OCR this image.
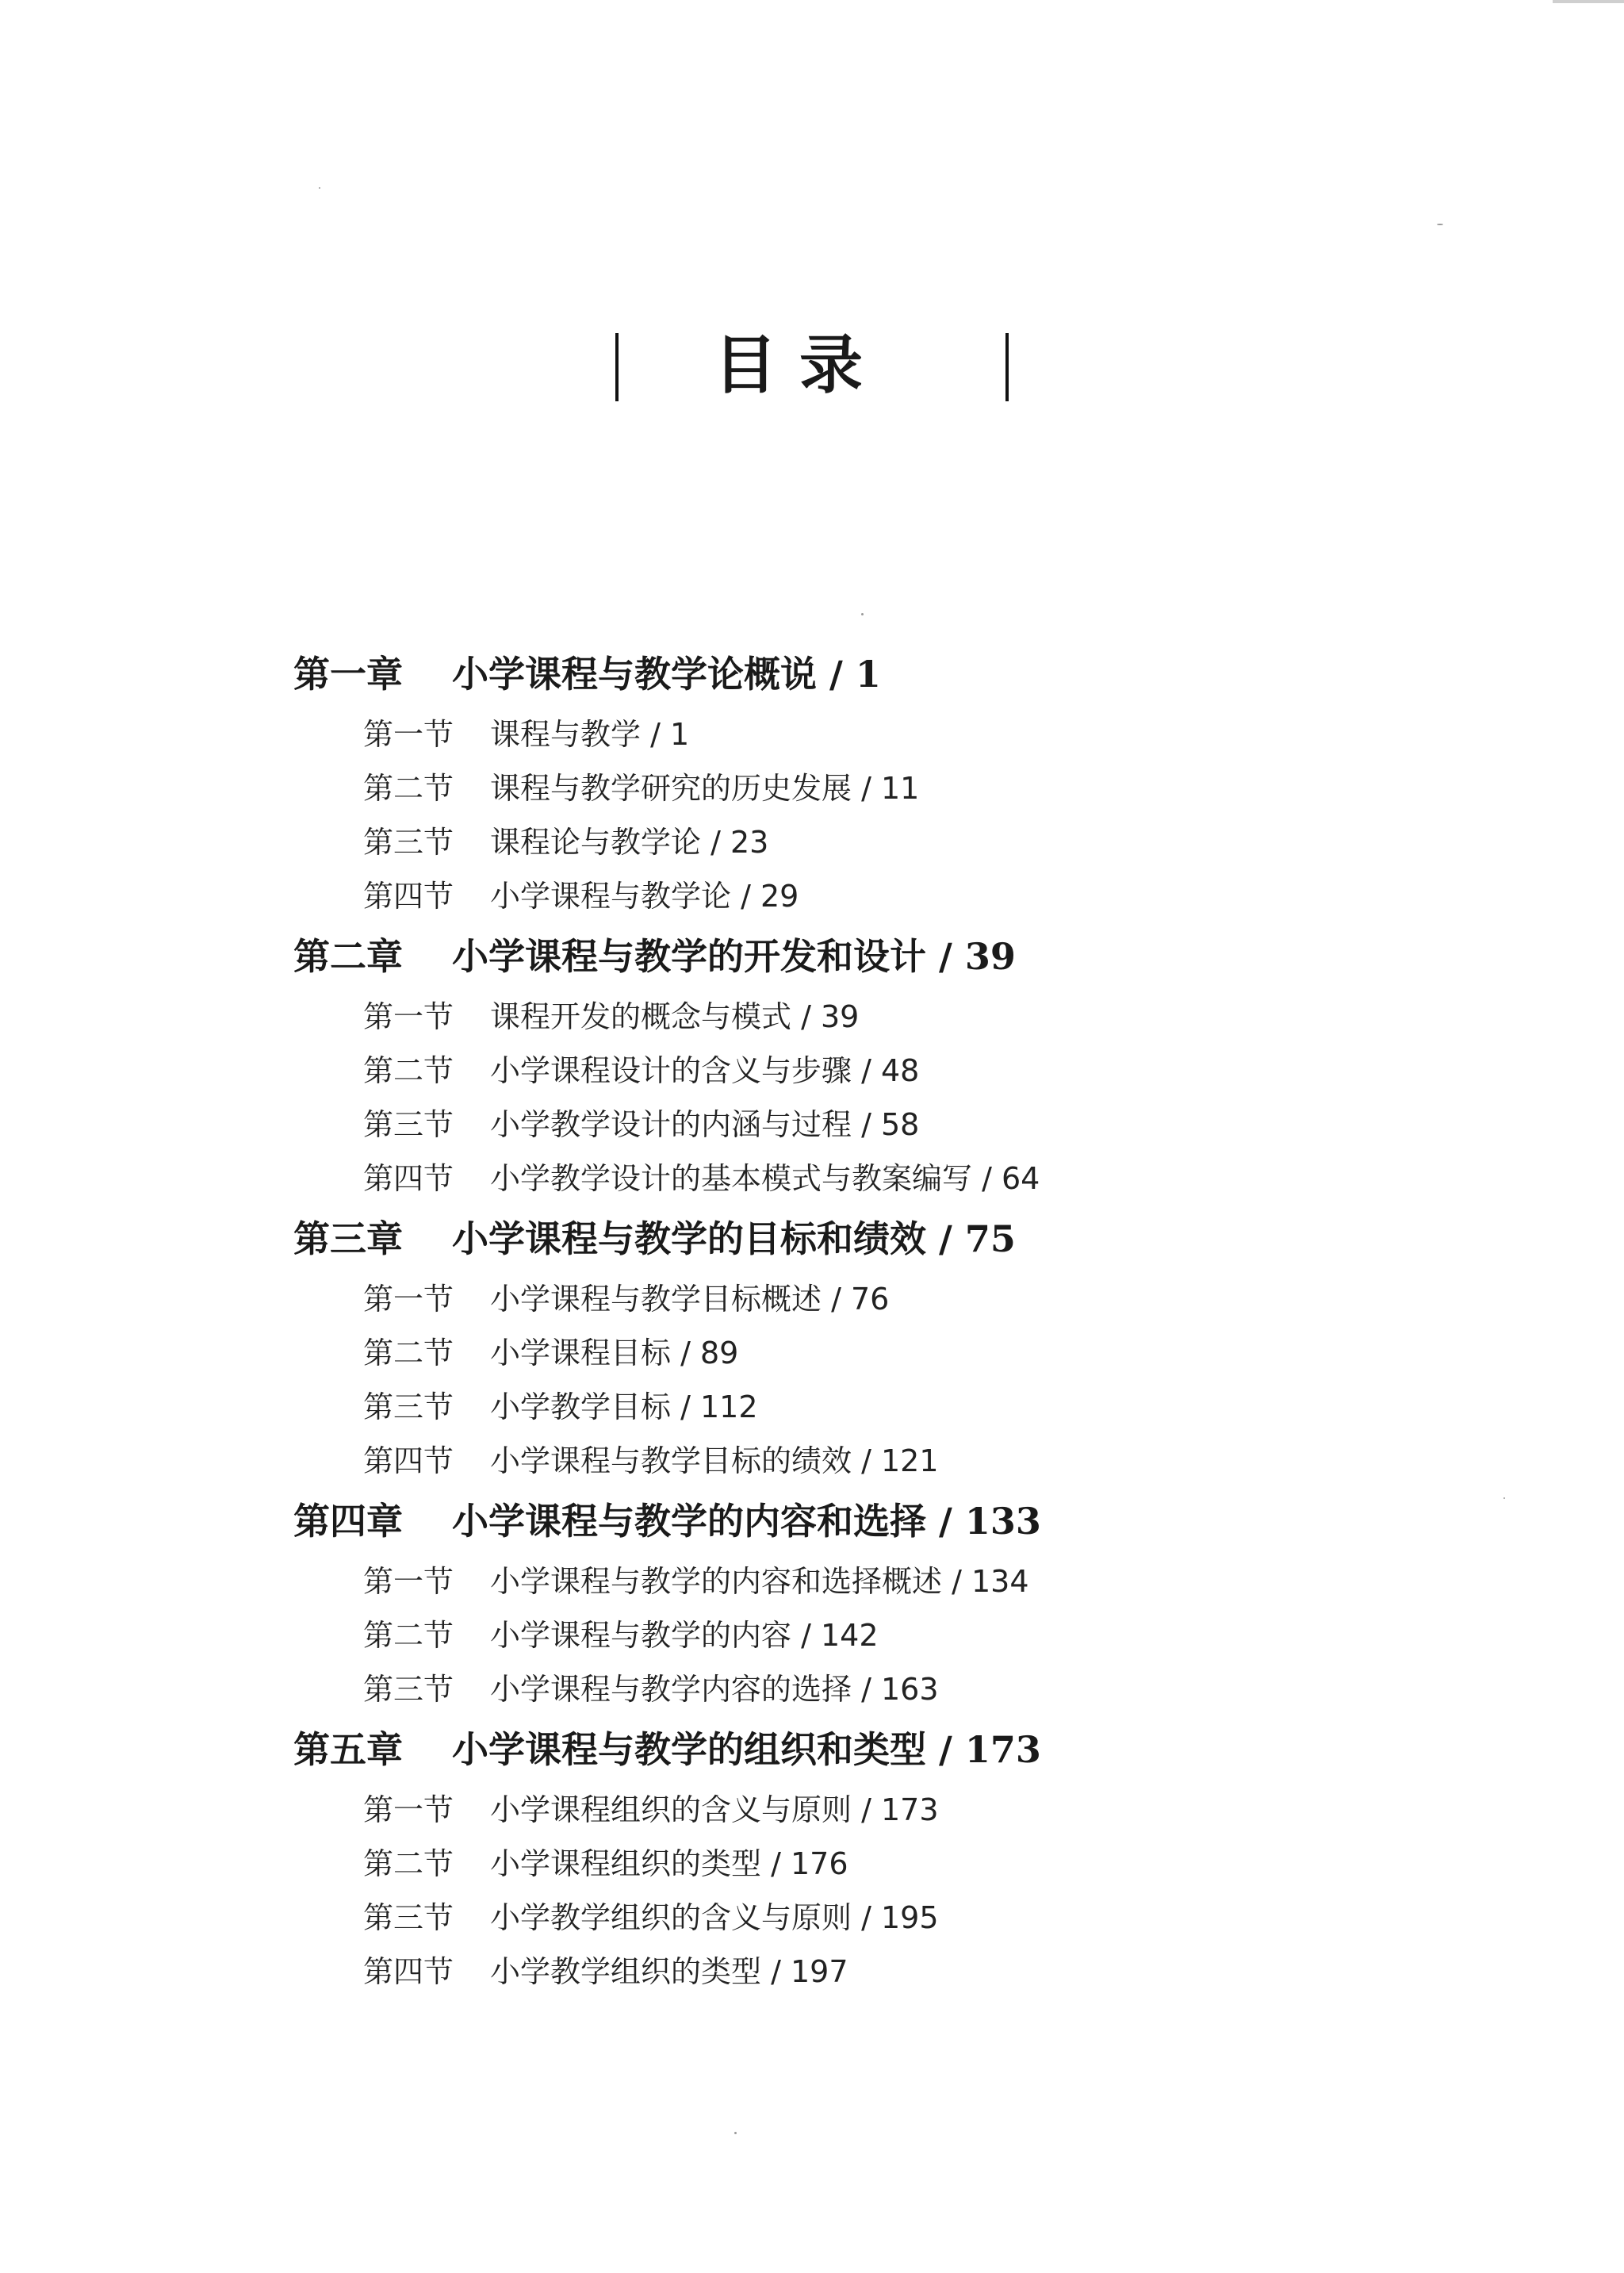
目录
第一章 小学课程与教学论概说 / 1
第一节 课程与教学 / 1
第二节 课程与教学研究的历史发展 / 11
第三节 课程论与教学论 / 23
第四节 小学课程与教学论 / 29
第二章 小学课程与教学的开发和设计 / 39
第一节 课程开发的概念与模式 / 39
第二节 小学课程设计的含义与步骤 / 48
第三节 小学教学设计的内涵与过程 / 58
第四节 小学教学设计的基本模式与教案编写 / 64
第三章 小学课程与教学的目标和绩效 / 75
第一节 小学课程与教学目标概述 / 76
第二节 小学课程目标 / 89
第三节 小学教学目标 / 112
第四节 小学课程与教学目标的绩效 / 121
第四章 小学课程与教学的内容和选择 / 133
第一节 小学课程与教学的内容和选择概述 / 134
第二节 小学课程与教学的内容 / 142
第三节 小学课程与教学内容的选择 / 163
第五章 小学课程与教学的组织和类型 / 173
第一节 小学课程组织的含义与原则 / 173
第二节 小学课程组织的类型 / 176
第三节 小学教学组织的含义与原则 / 195
第四节 小学教学组织的类型 / 197
